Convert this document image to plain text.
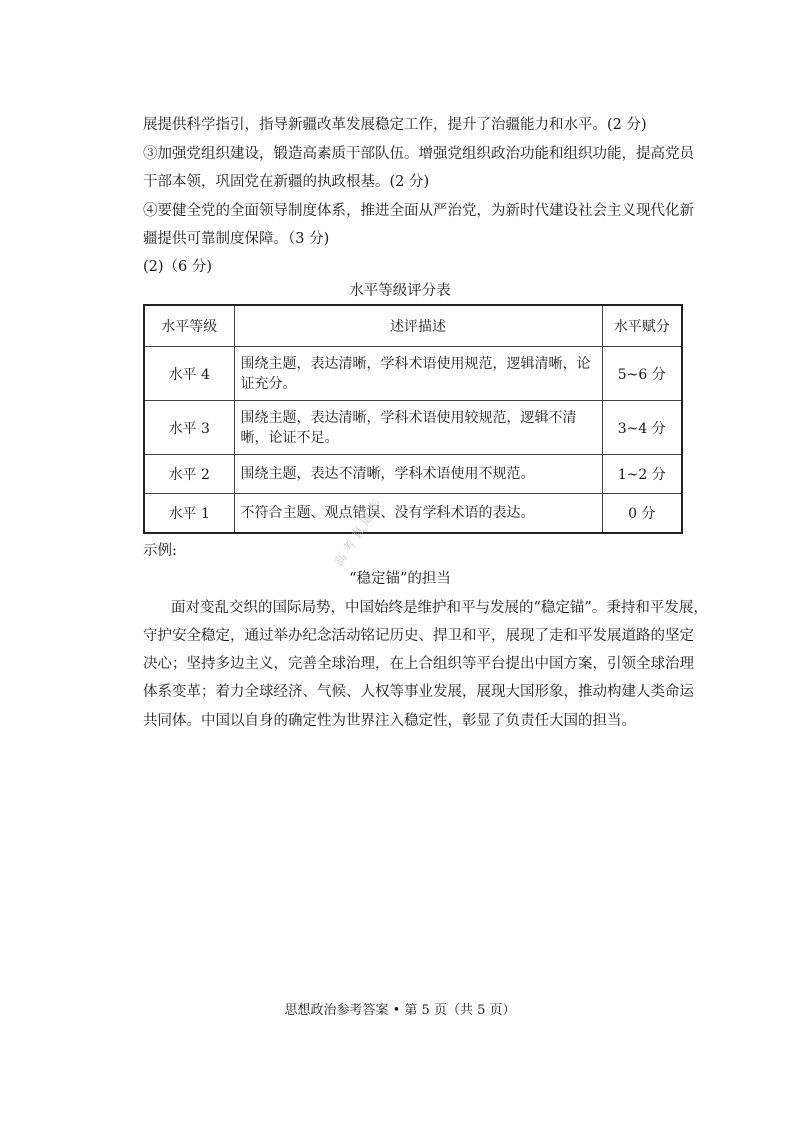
展提供科学指引，指导新疆改革发展稳定工作，提升了治疆能力和水平。(2 分)
③加强党组织建设，锻造高素质干部队伍。增强党组织政治功能和组织功能，提高党员
干部本领，巩固党在新疆的执政根基。(2 分)
④要健全党的全面领导制度体系，推进全面从严治党，为新时代建设社会主义现代化新
疆提供可靠制度保障。（3 分)
(2)（6 分)
水平等级评分表
水平等级	述评描述	水平赋分
水平 4	围绕主题，表达清晰，学科术语使用规范，逻辑清晰，论证充分。	5~6 分
水平 3	围绕主题，表达清晰，学科术语使用较规范，逻辑不清晰，论证不足。	3~4 分
水平 2	围绕主题，表达不清晰，学科术语使用不规范。	1~2 分
水平 1	不符合主题、观点错误、没有学科术语的表达。	0 分
示例:
“稳定锚”的担当
面对变乱交织的国际局势，中国始终是维护和平与发展的“稳定锚”。秉持和平发展，
守护安全稳定，通过举办纪念活动铭记历史、捍卫和平，展现了走和平发展道路的坚定
决心；坚持多边主义，完善全球治理，在上合组织等平台提出中国方案，引领全球治理
体系变革；着力全球经济、气候、人权等事业发展，展现大国形象，推动构建人类命运
共同体。中国以自身的确定性为世界注入稳定性，彰显了负责任大国的担当。
高考直通车
思想政治参考答案 • 第 5 页（共 5 页）
